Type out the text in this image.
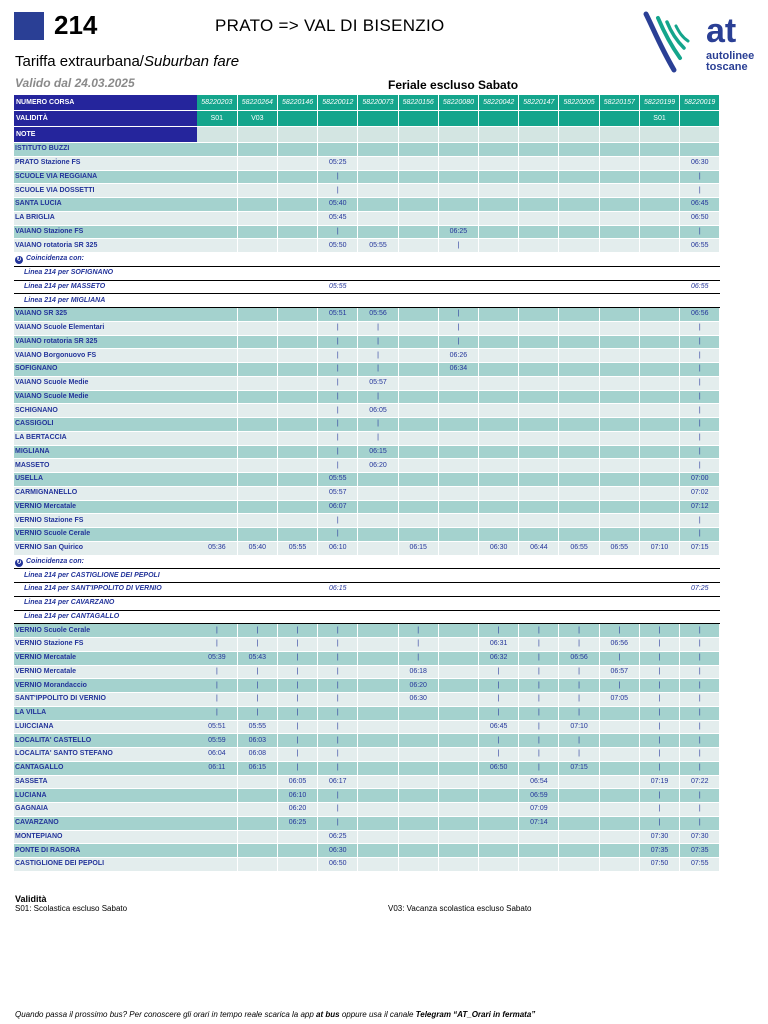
214	PRATO => VAL DI BISENZIO
Tariffa extraurbana/Suburban fare
Valido dal 24.03.2025	Feriale escluso Sabato
at
autolinee
toscane
NUMERO CORSA	58220203	58220264	58220146	58220012	58220073	58220156	58220080	58220042	58220147	58220205	58220157	58220199	58220019
VALIDITÀ	S01	V03										S01	
NOTE													
ISTITUTO BUZZI													
PRATO Stazione FS				05:25									06:30
SCUOLE VIA REGGIANA				|									|
SCUOLE VIA DOSSETTI				|									|
SANTA LUCIA				05:40									06:45
LA BRIGLIA				05:45									06:50
VAIANO Stazione FS				|			06:25						|
VAIANO rotatoria SR 325				05:50	05:55		|						06:55
↻ Coincidenza con:													
Linea 214 per SOFIGNANO													
Linea 214 per MASSETO				05:55									06:55
Linea 214 per MIGLIANA													
VAIANO SR 325				05:51	05:56		|						06:56
VAIANO Scuole Elementari				|	|		|						|
VAIANO rotatoria SR 325				|	|		|						|
VAIANO Borgonuovo FS				|	|		06:26						|
SOFIGNANO				|	|		06:34						|
VAIANO Scuole Medie				|	05:57								|
VAIANO Scuole Medie				|	|								|
SCHIGNANO				|	06:05								|
CASSIGOLI				|	|								|
LA BERTACCIA				|	|								|
MIGLIANA				|	06:15								|
MASSETO				|	06:20								|
USELLA				05:55									07:00
CARMIGNANELLO				05:57									07:02
VERNIO Mercatale				06:07									07:12
VERNIO Stazione FS				|									|
VERNIO Scuole Cerale				|									|
VERNIO San Quirico	05:36	05:40	05:55	06:10		06:15		06:30	06:44	06:55	06:55	07:10	07:15
↻ Coincidenza con:													
Linea 214 per CASTIGLIONE DEI PEPOLI													
Linea 214 per SANT'IPPOLITO DI VERNIO				06:15									07:25
Linea 214 per CAVARZANO													
Linea 214 per CANTAGALLO													
VERNIO Scuole Cerale	|	|	|	|		|		|	|	|	|	|	|
VERNIO Stazione FS	|	|	|	|		|		06:31	|	|	06:56	|	|
VERNIO Mercatale	05:39	05:43	|	|		|		06:32	|	06:56	|	|	|
VERNIO Mercatale	|	|	|	|		06:18		|	|	|	06:57	|	|
VERNIO Morandaccio	|	|	|	|		06:20		|	|	|	|	|	|
SANT'IPPOLITO DI VERNIO	|	|	|	|		06:30		|	|	|	07:05	|	|
LA VILLA	|	|	|	|				|	|	|		|	|
LUICCIANA	05:51	05:55	|	|				06:45	|	07:10		|	|
LOCALITA' CASTELLO	05:59	06:03	|	|				|	|	|		|	|
LOCALITA' SANTO STEFANO	06:04	06:08	|	|				|	|	|		|	|
CANTAGALLO	06:11	06:15	|	|				06:50	|	07:15		|	|
SASSETA			06:05	06:17					06:54			07:19	07:22
LUCIANA			06:10	|					06:59			|	|
GAGNAIA			06:20	|					07:09			|	|
CAVARZANO			06:25	|					07:14			|	|
MONTEPIANO				06:25								07:30	07:30
PONTE DI RASORA				06:30								07:35	07:35
CASTIGLIONE DEI PEPOLI				06:50								07:50	07:55
Validità
S01: Scolastica escluso Sabato	V03: Vacanza scolastica escluso Sabato
Quando passa il prossimo bus? Per conoscere gli orari in tempo reale scarica la app at bus oppure usa il canale Telegram “AT_Orari in fermata”
